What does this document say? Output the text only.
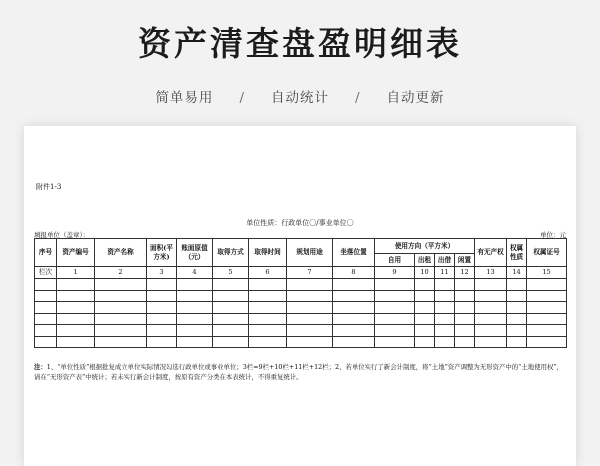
资产清查盘盈明细表
简单易用 / 自动统计 / 自动更新
附件1-3
单位性质：行政单位〇/事业单位〇
填报单位（盖章）：	单位：元
序号	资产编号	资产名称	面积(平方米)	账面原值（元）	取得方式	取得时间	规划用途	坐落位置	使用方向（平方米）				有无产权	权属性质	权属证号
									自用	出租	出借	闲置			
栏次	1	2	3	4	5	6	7	8	9	10	11	12	13	14	15

注：1、“单位性质”根据批复成立单位实际情况勾选行政单位或事业单位；3栏=9栏+10栏+11栏+12栏；2、若单位实行了新会计制度，将“土地”资产调整为无形资产中的“土地使用权”，请在“无形资产表”中统计；若未实行新会计制度，按原有资产分类在本表统计，不得重复统计。
